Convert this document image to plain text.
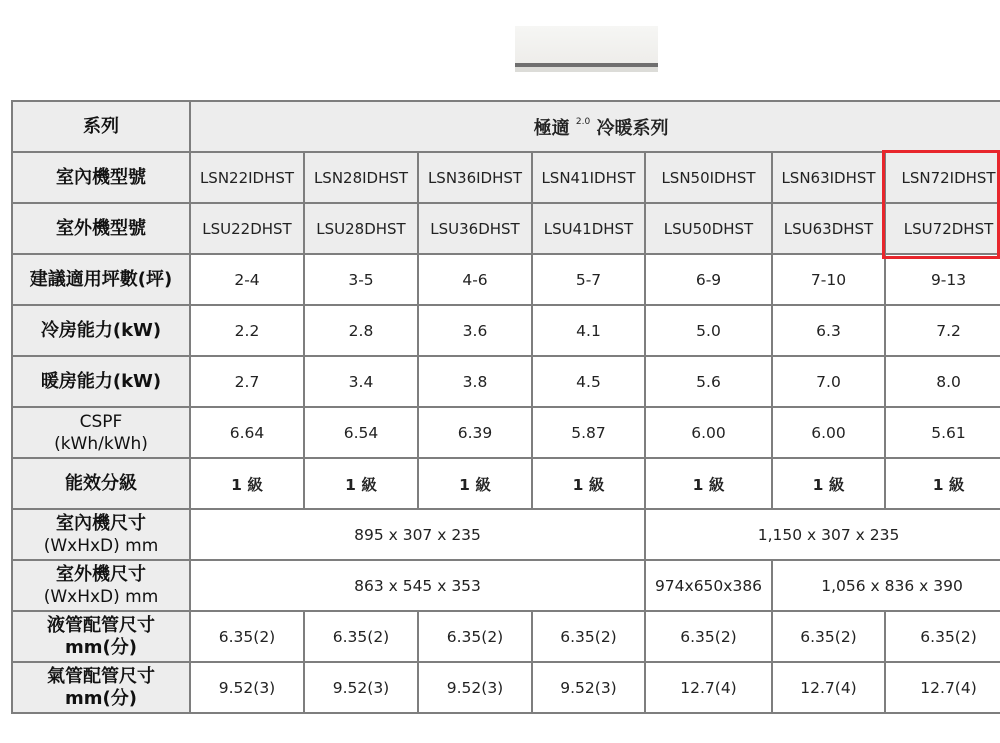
系列	極適 $^{2.0}$ 冷暖系列						
室內機型號	LSN22IDHST	LSN28IDHST	LSN36IDHST	LSN41IDHST	LSN50IDHST	LSN63IDHST	LSN72IDHST
室外機型號	LSU22DHST	LSU28DHST	LSU36DHST	LSU41DHST	LSU50DHST	LSU63DHST	LSU72DHST
建議適用坪數(坪)	2-4	3-5	4-6	5-7	6-9	7-10	9-13
冷房能力(kW)	2.2	2.8	3.6	4.1	5.0	6.3	7.2
暖房能力(kW)	2.7	3.4	3.8	4.5	5.6	7.0	8.0
CSPF
(kWh/kWh)	6.64	6.54	6.39	5.87	6.00	6.00	5.61
能效分級	1 級	1 級	1 級	1 級	1 級	1 級	1 級
室內機尺寸
(WxHxD) mm	895 x 307 x 235				1,150 x 307 x 235		
室外機尺寸
(WxHxD) mm	863 x 545 x 353				974x650x386	1,056 x 836 x 390	
液管配管尺寸
mm(分)	6.35(2)	6.35(2)	6.35(2)	6.35(2)	6.35(2)	6.35(2)	6.35(2)
氣管配管尺寸
mm(分)	9.52(3)	9.52(3)	9.52(3)	9.52(3)	12.7(4)	12.7(4)	12.7(4)
